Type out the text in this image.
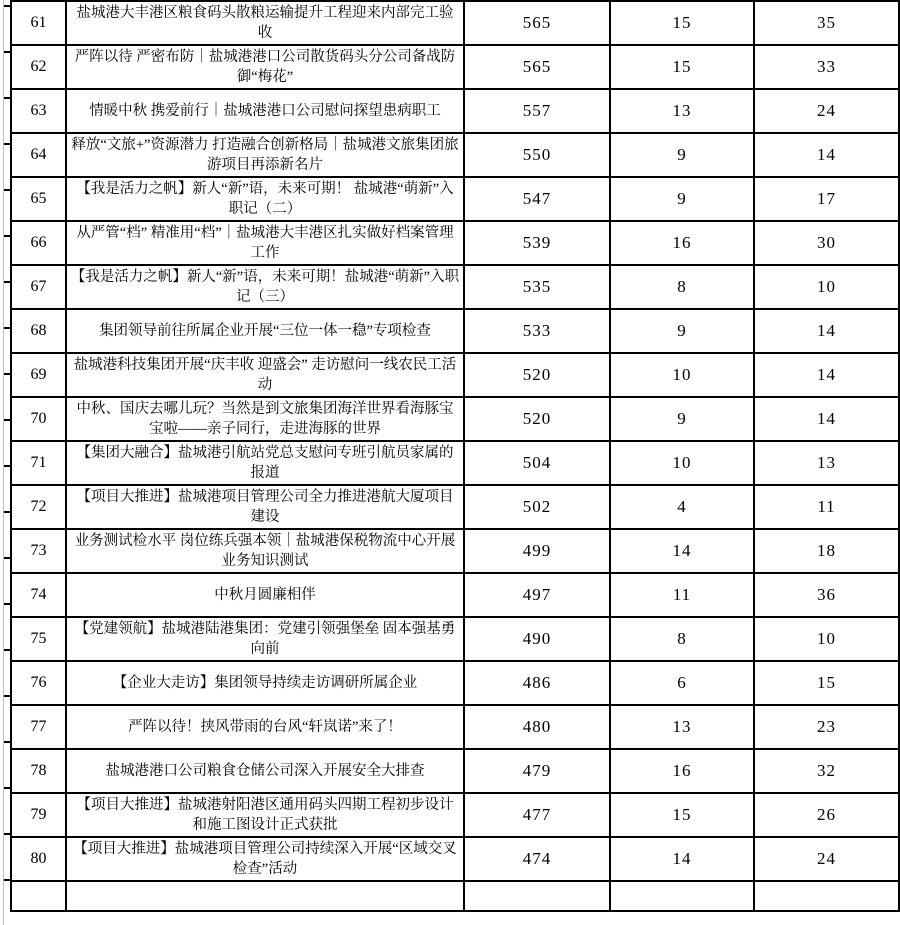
61	盐城港大丰港区粮食码头散粮运输提升工程迎来内部完工验收	565	15	35
62	严阵以待 严密布防｜盐城港港口公司散货码头分公司备战防御“梅花”	565	15	33
63	情暖中秋 携爱前行｜盐城港港口公司慰问探望患病职工	557	13	24
64	释放“文旅+”资源潜力 打造融合创新格局｜盐城港文旅集团旅游项目再添新名片	550	9	14
65	【我是活力之帆】新人“新”语，未来可期！ 盐城港“萌新”入职记（二）	547	9	17
66	从严管“档” 精准用“档”｜盐城港大丰港区扎实做好档案管理工作	539	16	30
67	【我是活力之帆】新人“新”语，未来可期！盐城港“萌新”入职记（三）	535	8	10
68	集团领导前往所属企业开展“三位一体一稳”专项检查	533	9	14
69	盐城港科技集团开展“庆丰收 迎盛会” 走访慰问一线农民工活动	520	10	14
70	中秋、国庆去哪儿玩？当然是到文旅集团海洋世界看海豚宝宝啦——亲子同行，走进海豚的世界	520	9	14
71	【集团大融合】盐城港引航站党总支慰问专班引航员家属的报道	504	10	13
72	【项目大推进】盐城港项目管理公司全力推进港航大厦项目建设	502	4	11
73	业务测试检水平 岗位练兵强本领｜盐城港保税物流中心开展业务知识测试	499	14	18
74	中秋月圆廉相伴	497	11	36
75	【党建领航】盐城港陆港集团：党建引领强堡垒 固本强基勇向前	490	8	10
76	【企业大走访】集团领导持续走访调研所属企业	486	6	15
77	严阵以待！挟风带雨的台风“轩岚诺”来了！	480	13	23
78	盐城港港口公司粮食仓储公司深入开展安全大排查	479	16	32
79	【项目大推进】盐城港射阳港区通用码头四期工程初步设计和施工图设计正式获批	477	15	26
80	【项目大推进】盐城港项目管理公司持续深入开展“区域交叉检查”活动	474	14	24
